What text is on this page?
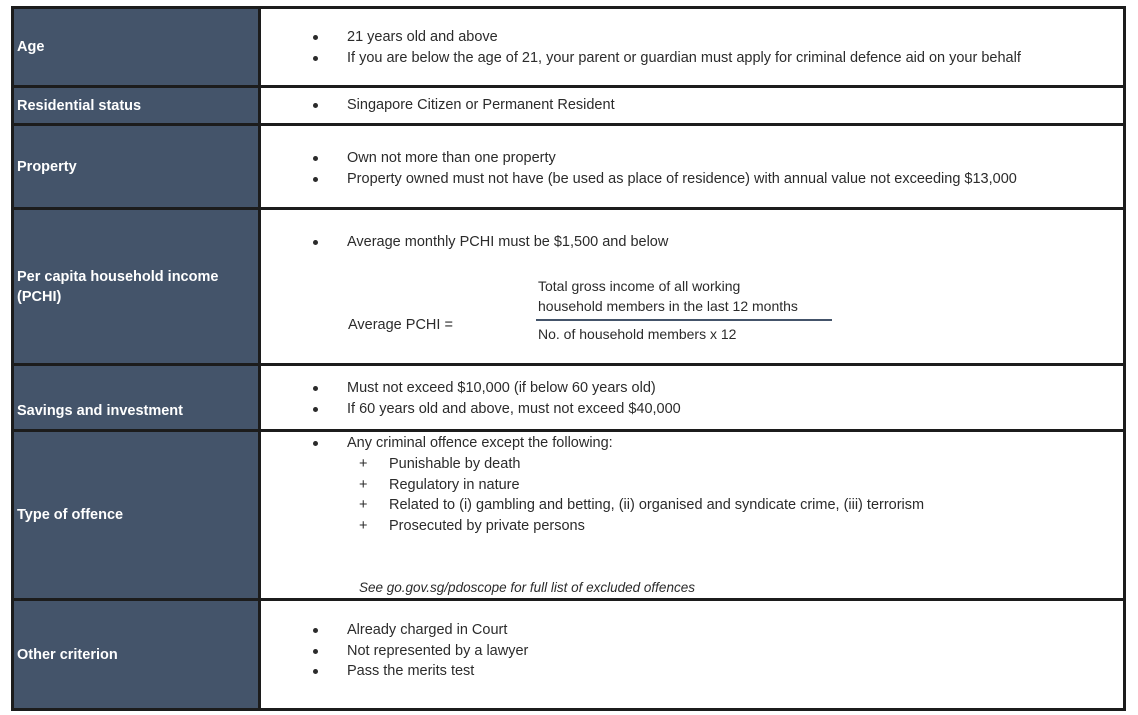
Age
21 years old and above
If you are below the age of 21, your parent or guardian must apply for criminal defence aid on your behalf
Residential status	Singapore Citizen or Permanent Resident
Property
Own not more than one property
Property owned must not have (be used as place of residence) with annual value not exceeding $13,000
Per capita household income (PCHI)
Average monthly PCHI must be $1,500 and below
Average PCHI =
Total gross income of all working
household members in the last 12 months
No. of household members x 12
Savings and investment
Must not exceed $10,000 (if below 60 years old)
If 60 years old and above, must not exceed $40,000
Type of offence
Any criminal offence except the following:
+ Punishable by death
+ Regulatory in nature
+ Related to (i) gambling and betting, (ii) organised and syndicate crime, (iii) terrorism
+ Prosecuted by private persons
See go.gov.sg/pdoscope for full list of excluded offences
Other criterion
Already charged in Court
Not represented by a lawyer
Pass the merits test
